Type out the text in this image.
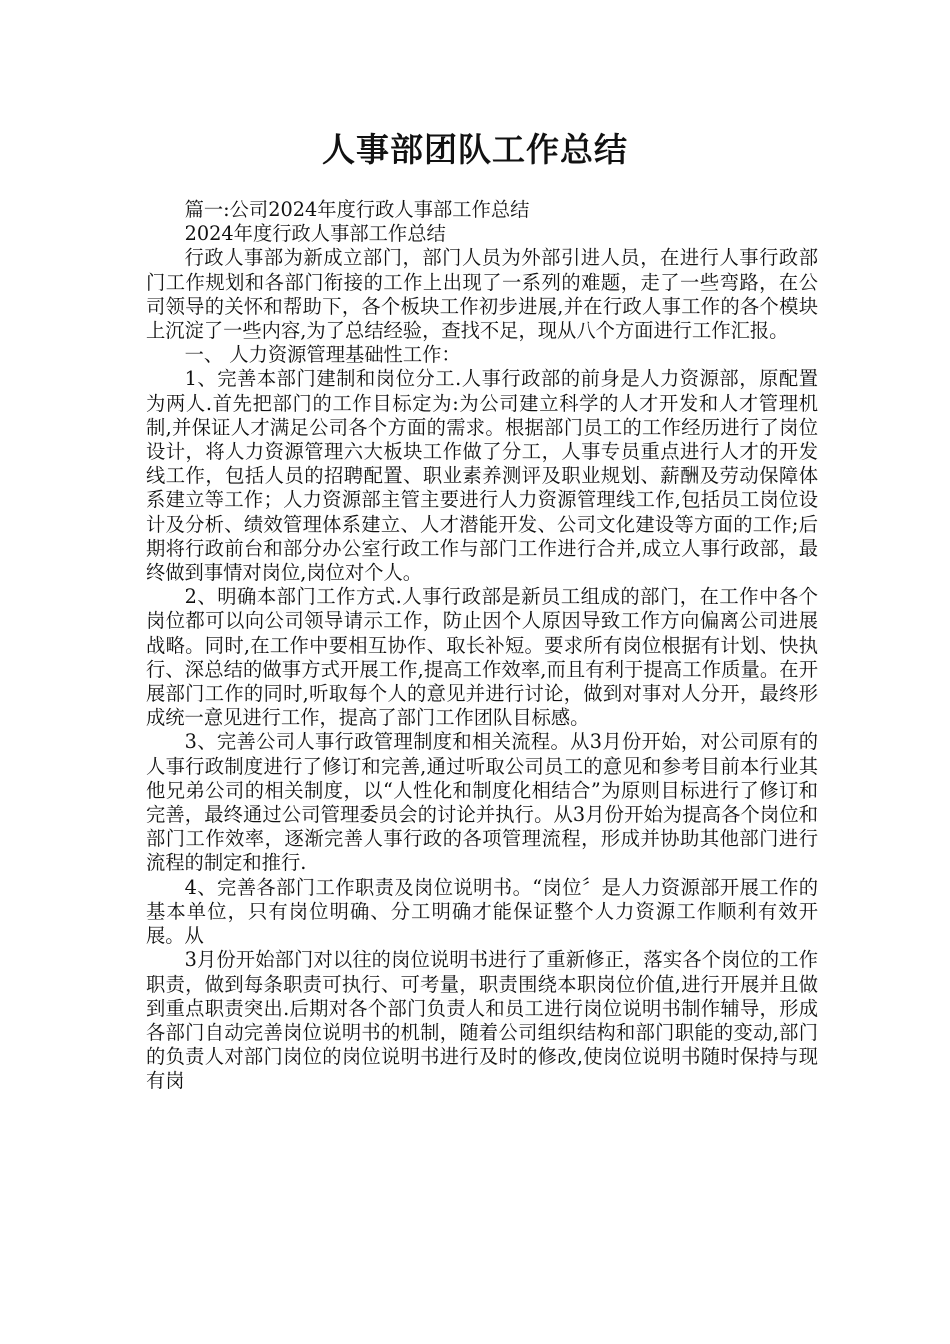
人事部团队工作总结

篇一:公司2024年度行政人事部工作总结

2024年度行政人事部工作总结

行政人事部为新成立部门，部门人员为外部引进人员，在进行人事行政部门工作规划和各部门衔接的工作上出现了一系列的难题，走了一些弯路，在公司领导的关怀和帮助下，各个板块工作初步进展,并在行政人事工作的各个模块上沉淀了一些内容,为了总结经验，查找不足，现从八个方面进行工作汇报。

一、 人力资源管理基础性工作：

1、完善本部门建制和岗位分工.人事行政部的前身是人力资源部，原配置为两人.首先把部门的工作目标定为:为公司建立科学的人才开发和人才管理机制,并保证人才满足公司各个方面的需求。根据部门员工的工作经历进行了岗位设计，将人力资源管理六大板块工作做了分工，人事专员重点进行人才的开发线工作，包括人员的招聘配置、职业素养测评及职业规划、薪酬及劳动保障体系建立等工作；人力资源部主管主要进行人力资源管理线工作,包括员工岗位设计及分析、绩效管理体系建立、人才潜能开发、公司文化建设等方面的工作;后期将行政前台和部分办公室行政工作与部门工作进行合并,成立人事行政部，最终做到事情对岗位,岗位对个人。

2、明确本部门工作方式.人事行政部是新员工组成的部门，在工作中各个岗位都可以向公司领导请示工作，防止因个人原因导致工作方向偏离公司进展战略。同时,在工作中要相互协作、取长补短。要求所有岗位根据有计划、快执行、深总结的做事方式开展工作,提高工作效率,而且有利于提高工作质量。在开展部门工作的同时,听取每个人的意见并进行讨论，做到对事对人分开，最终形成统一意见进行工作，提高了部门工作团队目标感。

3、完善公司人事行政管理制度和相关流程。从3月份开始，对公司原有的人事行政制度进行了修订和完善,通过听取公司员工的意见和参考目前本行业其他兄弟公司的相关制度，以“人性化和制度化相结合”为原则目标进行了修订和完善，最终通过公司管理委员会的讨论并执行。从3月份开始为提高各个岗位和部门工作效率，逐渐完善人事行政的各项管理流程，形成并协助其他部门进行流程的制定和推行.

4、完善各部门工作职责及岗位说明书。“岗位〞是人力资源部开展工作的基本单位，只有岗位明确、分工明确才能保证整个人力资源工作顺利有效开展。从

3月份开始部门对以往的岗位说明书进行了重新修正，落实各个岗位的工作职责，做到每条职责可执行、可考量，职责围绕本职岗位价值,进行开展并且做到重点职责突出.后期对各个部门负责人和员工进行岗位说明书制作辅导，形成各部门自动完善岗位说明书的机制，随着公司组织结构和部门职能的变动,部门的负责人对部门岗位的岗位说明书进行及时的修改,使岗位说明书随时保持与现有岗
